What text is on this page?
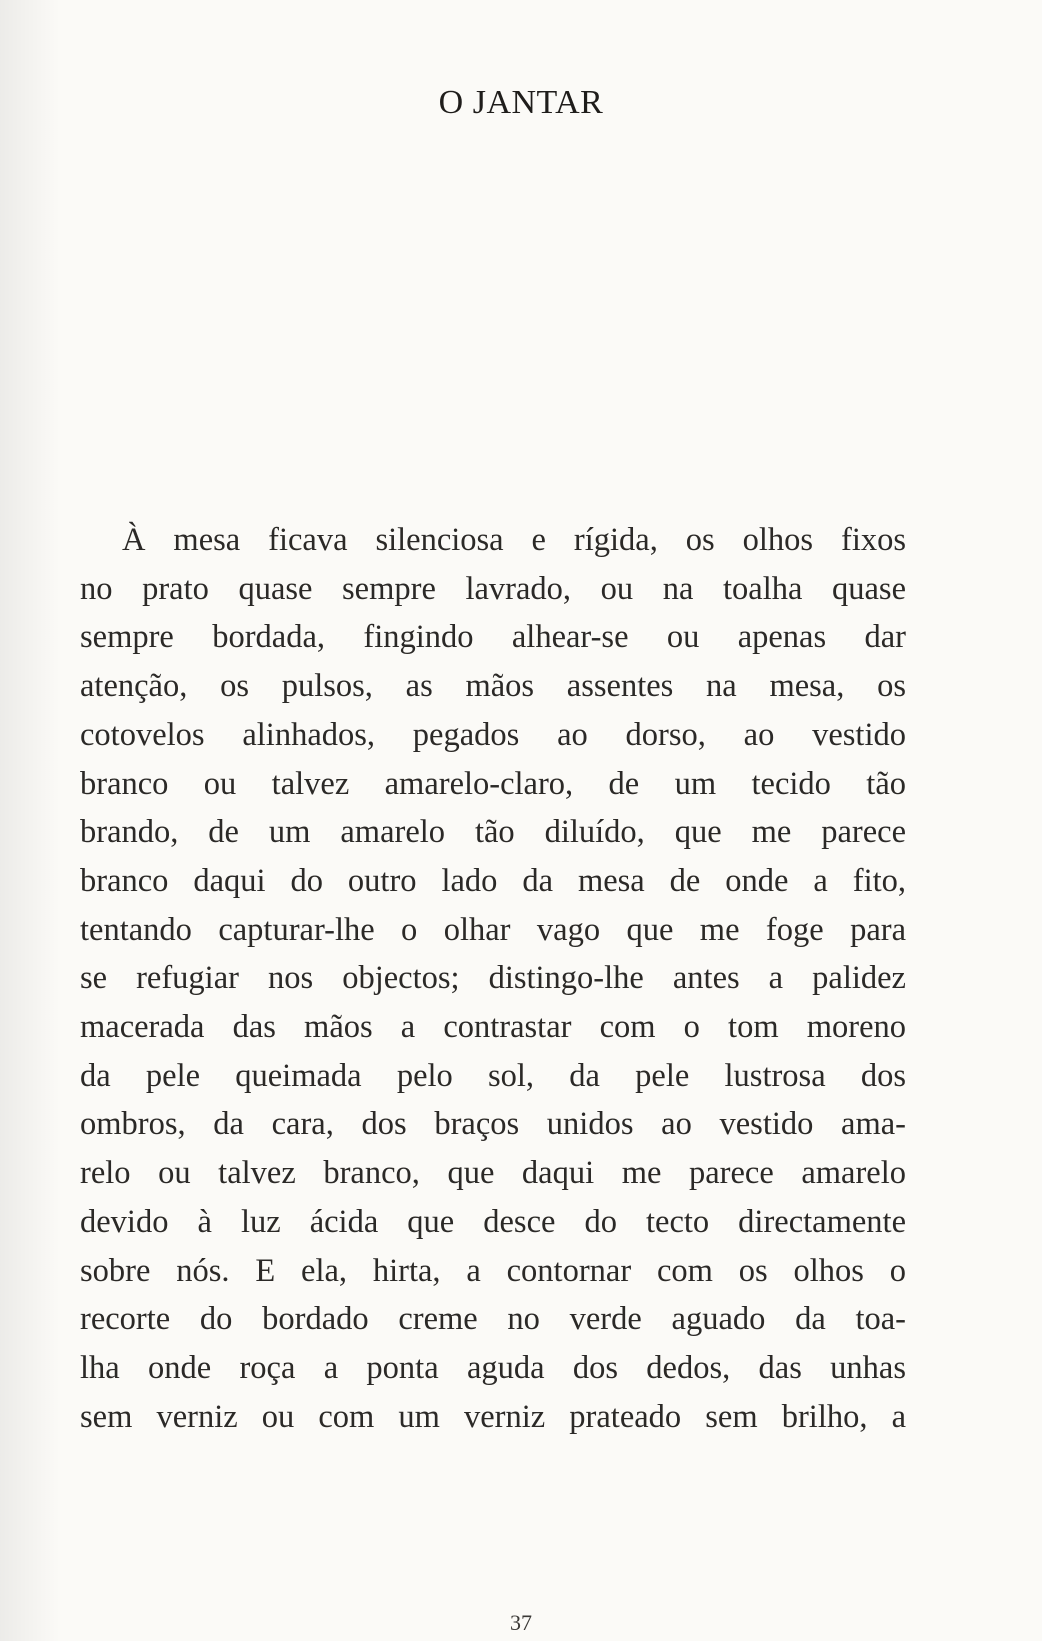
O JANTAR
À mesa ficava silenciosa e rígida, os olhos fixos
no prato quase sempre lavrado, ou na toalha quase
sempre bordada, fingindo alhear-se ou apenas dar
atenção, os pulsos, as mãos assentes na mesa, os
cotovelos alinhados, pegados ao dorso, ao vestido
branco ou talvez amarelo-claro, de um tecido tão
brando, de um amarelo tão diluído, que me parece
branco daqui do outro lado da mesa de onde a fito,
tentando capturar-lhe o olhar vago que me foge para
se refugiar nos objectos; distingo-lhe antes a palidez
macerada das mãos a contrastar com o tom moreno
da pele queimada pelo sol, da pele lustrosa dos
ombros, da cara, dos braços unidos ao vestido ama-
relo ou talvez branco, que daqui me parece amarelo
devido à luz ácida que desce do tecto directamente
sobre nós. E ela, hirta, a contornar com os olhos o
recorte do bordado creme no verde aguado da toa-
lha onde roça a ponta aguda dos dedos, das unhas
sem verniz ou com um verniz prateado sem brilho, a
37
